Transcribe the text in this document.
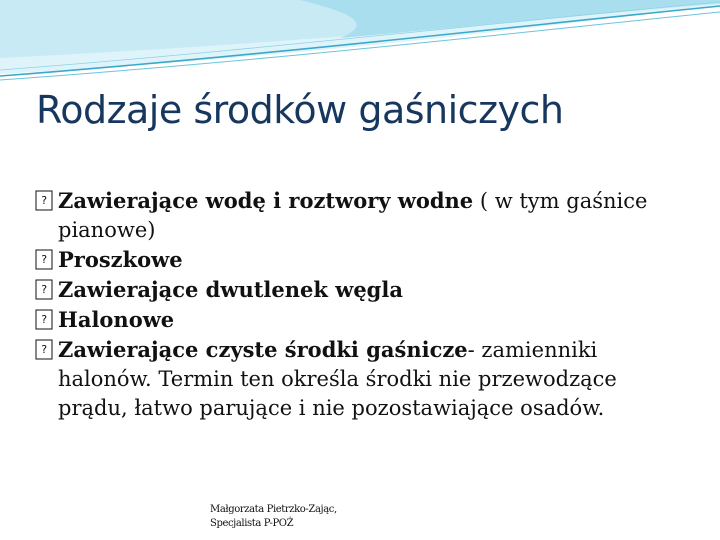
Rodzaje środków gaśniczych

? Zawierające wodę i roztwory wodne ( w tym gaśnice pianowe)

? Proszkowe

? Zawierające dwutlenek węgla

? Halonowe

? Zawierające czyste środki gaśnicze- zamienniki halonów. Termin ten określa środki nie przewodzące prądu, łatwo parujące i nie pozostawiające osadów.

Małgorzata Pietrzko-Zając,
Specjalista P-POŻ
